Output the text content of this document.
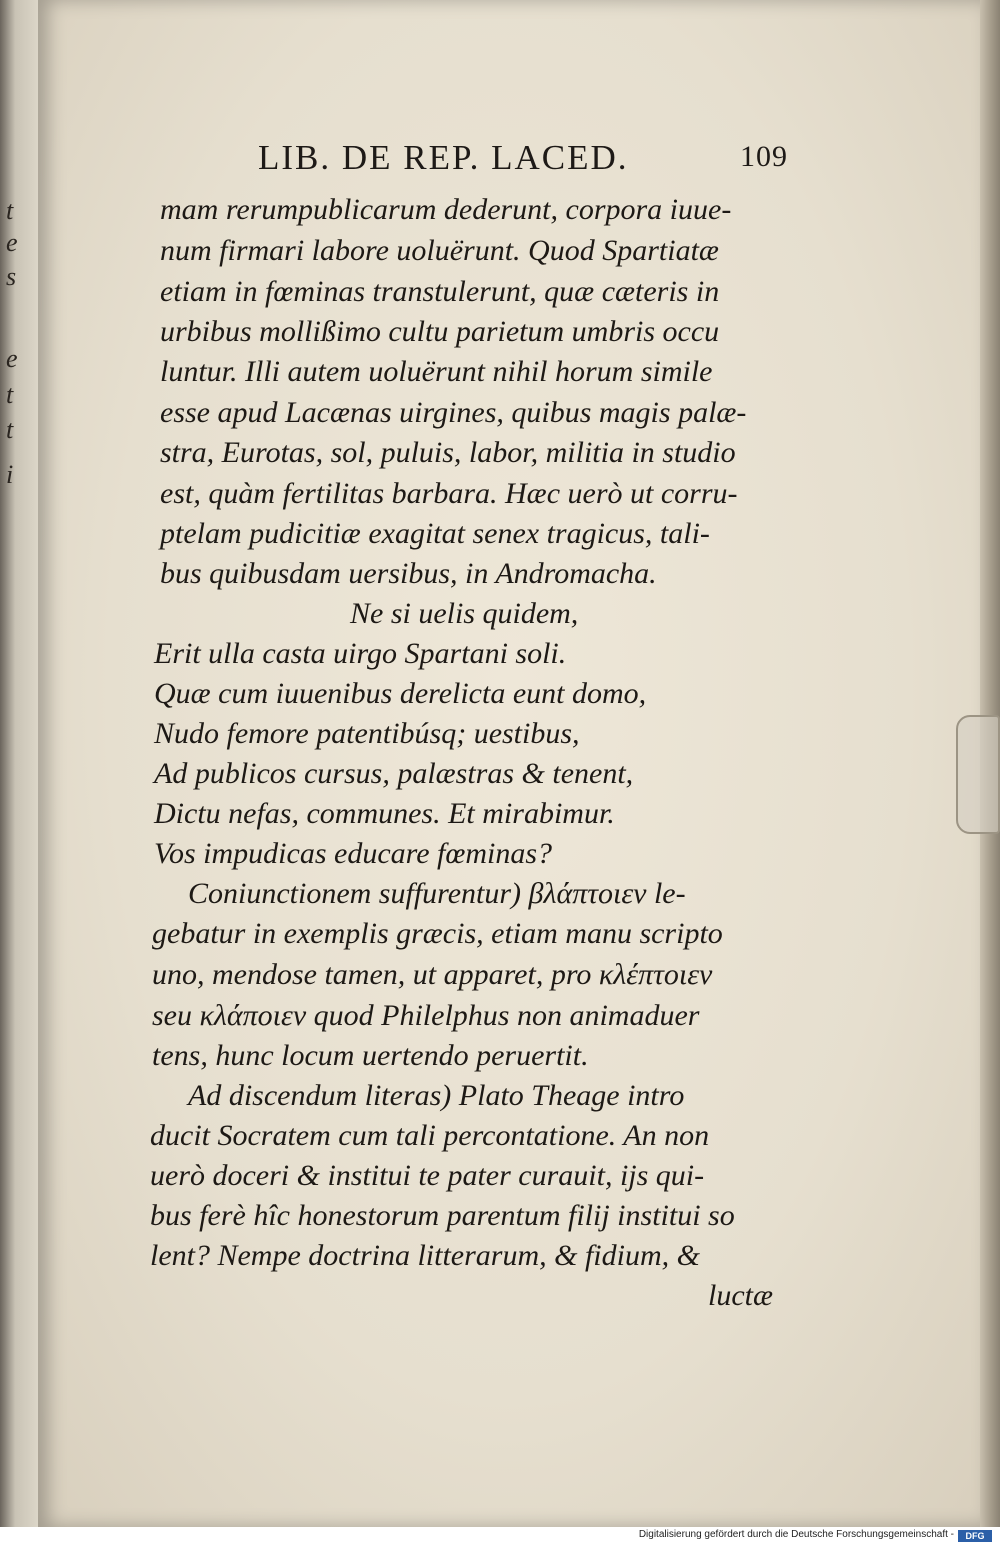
t
e
s
e
t
t
i
LIB. DE REP. LACED.	109
mam rerumpublicarum dederunt, corpora iuue-
num firmari labore uoluërunt. Quod Spartiatæ
etiam in fœminas transtulerunt, quæ cæteris in
urbibus mollißimo cultu parietum umbris occu
luntur. Illi autem uoluërunt nihil horum simile
esse apud Lacænas uirgines, quibus magis palæ-
stra, Eurotas, sol, puluis, labor, militia in studio
est, quàm fertilitas barbara. Hæc uerò ut corru-
ptelam pudicitiæ exagitat senex tragicus, tali-
bus quibusdam uersibus, in Andromacha.
Ne si uelis quidem,
Erit ulla casta uirgo Spartani soli.
Quæ cum iuuenibus derelicta eunt domo,
Nudo femore patentibúsq; uestibus,
Ad publicos cursus, palæstras & tenent,
Dictu nefas, communes. Et mirabimur.
Vos impudicas educare fœminas?
Coniunctionem suffurentur) βλάπτοιεν le-
gebatur in exemplis græcis, etiam manu scripto
uno, mendose tamen, ut apparet, pro κλέπτοιεν
seu κλάποιεν quod Philelphus non animaduer
tens, hunc locum uertendo peruertit.
Ad discendum literas) Plato Theage intro
ducit Socratem cum tali percontatione. An non
uerò doceri & institui te pater curauit, ijs qui-
bus ferè hîc honestorum parentum filij institui so
lent? Nempe doctrina litterarum, & fidium, &
luctæ
Digitalisierung gefördert durch die Deutsche Forschungsgemeinschaft -	DFG
